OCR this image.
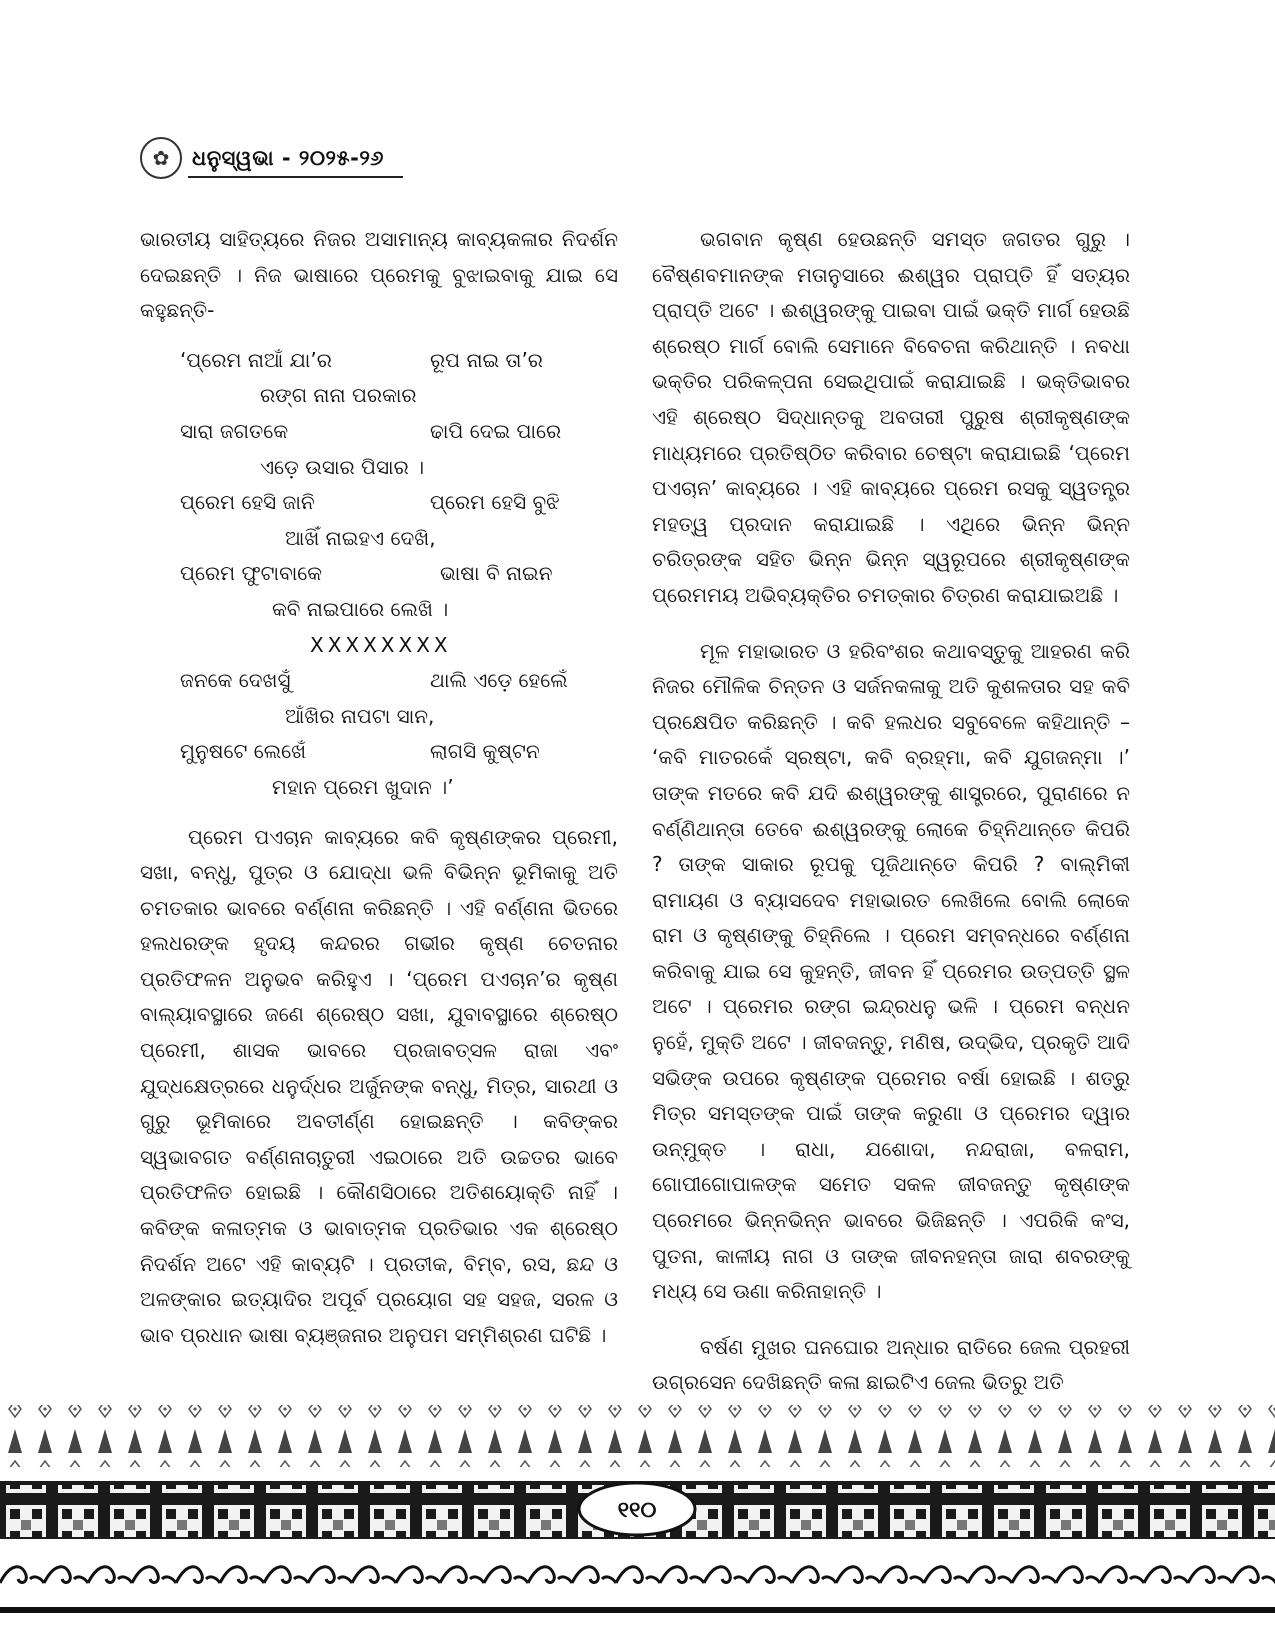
✿	ଧନୁସ୍ୱଭା - ୨୦୨୫-୨୬

ଭାରତୀୟ ସାହିତ୍ୟରେ ନିଜର ଅସାମାନ୍ୟ କାବ୍ୟକଳାର ନିଦର୍ଶନ ଦେଇଛନ୍ତି । ନିଜ ଭାଷାରେ ପ୍ରେମକୁ ବୁଝାଇବାକୁ ଯାଇ ସେ କହୁଛନ୍ତି-

‘ପ୍ରେମ ନାଆଁ ଯା’ର	ରୂପ ନାଇ ତା’ର
ରଙ୍ଗ ନାନା ପରକାର
ସାରା ଜଗତକେ	ଢାପି ଦେଇ ପାରେ
ଏଡ଼େ ଉସାର ପିସାର ।
ପ୍ରେମ ହେସି ଜାନି	ପ୍ରେମ ହେସି ବୁଝି
ଆଖିଁ ନାଇହଏ ଦେଖି,
ପ୍ରେମ ଫୁଟାବାକେ	ଭାଷା ବି ନାଇନ
କବି ନାଇପାରେ ଲେଖି ।
XXXXXXXX
ଜନକେ ଦେଖସୁଁ	ଥାଲି ଏଡ଼େ ହେଲେଁ
ଆଁଖିର ନାପଟା ସାନ,
ମୁନୁଷଟେ ଲେଖେଁ	ଲାଗସି କୁଷ୍ଟନ
ମହାନ ପ୍ରେମ ଖୁଦାନ ।’

ପ୍ରେମ ପଏଚାନ କାବ୍ୟରେ କବି କୃଷ୍ଣଙ୍କର ପ୍ରେମୀ, ସଖା, ବନ୍ଧୁ, ପୁତ୍ର ଓ ଯୋଦ୍ଧା ଭଳି ବିଭିନ୍ନ ଭୂମିକାକୁ ଅତି ଚମତକାର ଭାବରେ ବର୍ଣ୍ଣନା କରିଛନ୍ତି । ଏହି ବର୍ଣ୍ଣନା ଭିତରେ ହଲଧରଙ୍କ ହୃଦୟ କନ୍ଦରର ଗଭୀର କୃଷ୍ଣ ଚେତନାର ପ୍ରତିଫଳନ ଅନୁଭବ କରିହୁଏ । ‘ପ୍ରେମ ପଏଚାନ’ର କୃଷ୍ଣ ବାଲ୍ୟାବସ୍ଥାରେ ଜଣେ ଶ୍ରେଷ୍ଠ ସଖା, ଯୁବାବସ୍ଥାରେ ଶ୍ରେଷ୍ଠ ପ୍ରେମୀ, ଶାସକ ଭାବରେ ପ୍ରଜାବତ୍ସଳ ରାଜା ଏବଂ ଯୁଦ୍ଧକ୍ଷେତ୍ରରେ ଧନୁର୍ଦ୍ଧର ଅର୍ଜୁନଙ୍କ ବନ୍ଧୁ, ମିତ୍ର, ସାରଥୀ ଓ ଗୁରୁ ଭୂମିକାରେ ଅବତୀର୍ଣ୍ଣ ହୋଇଛନ୍ତି । କବିଙ୍କର ସ୍ୱଭାବଗତ ବର୍ଣ୍ଣନାଚାତୁରୀ ଏଇଠାରେ ଅତି ଉଚ୍ଚତର ଭାବେ ପ୍ରତିଫଳିତ ହୋଇଛି । କୌଣସିଠାରେ ଅତିଶୟୋକ୍ତି ନାହିଁ । କବିଙ୍କ କଳାତ୍ମକ ଓ ଭାବାତ୍ମକ ପ୍ରତିଭାର ଏକ ଶ୍ରେଷ୍ଠ ନିଦର୍ଶନ ଅଟେ ଏହି କାବ୍ୟଟି । ପ୍ରତୀକ, ବିମ୍ବ, ରସ, ଛନ୍ଦ ଓ ଅଳଙ୍କାର ଇତ୍ୟାଦିର ଅପୂର୍ବ ପ୍ରୟୋଗ ସହ ସହଜ, ସରଳ ଓ ଭାବ ପ୍ରଧାନ ଭାଷା ବ୍ୟଞ୍ଜନାର ଅନୁପମ ସମ୍ମିଶ୍ରଣ ଘଟିଛି ।

ଭଗବାନ କୃଷ୍ଣ ହେଉଛନ୍ତି ସମସ୍ତ ଜଗତର ଗୁରୁ । ବୈଷ୍ଣବମାନଙ୍କ ମତାନୁସାରେ ଈଶ୍ୱର ପ୍ରାପ୍ତି ହିଁ ସତ୍ୟର ପ୍ରାପ୍ତି ଅଟେ । ଈଶ୍ୱରଙ୍କୁ ପାଇବା ପାଇଁ ଭକ୍ତି ମାର୍ଗ ହେଉଛି ଶ୍ରେଷ୍ଠ ମାର୍ଗ ବୋଲି ସେମାନେ ବିବେଚନା କରିଥାନ୍ତି । ନବଧା ଭକ୍ତିର ପରିକଳ୍ପନା ସେଇଥିପାଇଁ କରାଯାଇଛି । ଭକ୍ତିଭାବର ଏହି ଶ୍ରେଷ୍ଠ ସିଦ୍ଧାନ୍ତକୁ ଅବତାରୀ ପୁରୁଷ ଶ୍ରୀକୃଷ୍ଣଙ୍କ ମାଧ୍ୟମରେ ପ୍ରତିଷ୍ଠିତ କରିବାର ଚେଷ୍ଟା କରାଯାଇଛି ‘ପ୍ରେମ ପଏଚାନ’ କାବ୍ୟରେ । ଏହି କାବ୍ୟରେ ପ୍ରେମ ରସକୁ ସ୍ୱତନ୍ତ୍ର ମହତ୍ୱ ପ୍ରଦାନ କରାଯାଇଛି । ଏଥିରେ ଭିନ୍ନ ଭିନ୍ନ ଚରିତ୍ରଙ୍କ ସହିତ ଭିନ୍ନ ଭିନ୍ନ ସ୍ୱରୂପରେ ଶ୍ରୀକୃଷ୍ଣଙ୍କ ପ୍ରେମମୟ ଅଭିବ୍ୟକ୍ତିର ଚମତ୍କାର ଚିତ୍ରଣ କରାଯାଇଅଛି ।

ମୂଳ ମହାଭାରତ ଓ ହରିବଂଶର କଥାବସ୍ତୁକୁ ଆହରଣ କରି ନିଜର ମୌଳିକ ଚିନ୍ତନ ଓ ସର୍ଜନକଳାକୁ ଅତି କୁଶଳତାର ସହ କବି ପ୍ରକ୍ଷେପିତ କରିଛନ୍ତି । କବି ହଲଧର ସବୁବେଳେ କହିଥାନ୍ତି – ‘କବି ମାତରକେଁ ସ୍ରଷ୍ଟା, କବି ବ୍ରହ୍ମା, କବି ଯୁଗଜନ୍ମା ।’ ତାଙ୍କ ମତରେ କବି ଯଦି ଈଶ୍ୱରଙ୍କୁ ଶାସ୍ତ୍ରରେ, ପୁରାଣରେ ନ ବର୍ଣ୍ଣିଥାନ୍ତା ତେବେ ଈଶ୍ୱରଙ୍କୁ ଲୋକେ ଚିହ୍ନିଥାନ୍ତେ କିପରି ? ତାଙ୍କ ସାକାର ରୂପକୁ ପୂଜିଥାନ୍ତେ କିପରି ? ବାଲ୍ମିକୀ ରାମାୟଣ ଓ ବ୍ୟାସଦେବ ମହାଭାରତ ଲେଖିଲେ ବୋଲି ଲୋକେ ରାମ ଓ କୃଷ୍ଣଙ୍କୁ ଚିହ୍ନିଲେ । ପ୍ରେମ ସମ୍ବନ୍ଧରେ ବର୍ଣ୍ଣନା କରିବାକୁ ଯାଇ ସେ କୁହନ୍ତି, ଜୀବନ ହିଁ ପ୍ରେମର ଉତ୍ପତ୍ତି ସ୍ଥଳ ଅଟେ । ପ୍ରେମର ରଙ୍ଗ ଇନ୍ଦ୍ରଧନୁ ଭଳି । ପ୍ରେମ ବନ୍ଧନ ନୁହେଁ, ମୁକ୍ତି ଅଟେ । ଜୀବଜନ୍ତୁ, ମଣିଷ, ଉଦ୍ଭିଦ, ପ୍ରକୃତି ଆଦି ସଭିଙ୍କ ଉପରେ କୃଷ୍ଣଙ୍କ ପ୍ରେମର ବର୍ଷା ହୋଇଛି । ଶତ୍ରୁ ମିତ୍ର ସମସ୍ତଙ୍କ ପାଇଁ ତାଙ୍କ କରୁଣା ଓ ପ୍ରେମର ଦ୍ୱାର ଉନ୍ମୁକ୍ତ । ରାଧା, ଯଶୋଦା, ନନ୍ଦରାଜା, ବଳରାମ, ଗୋପୀଗୋପାଳଙ୍କ ସମେତ ସକଳ ଜୀବଜନ୍ତୁ କୃଷ୍ଣଙ୍କ ପ୍ରେମରେ ଭିନ୍ନଭିନ୍ନ ଭାବରେ ଭିଜିଛନ୍ତି । ଏପରିକି କଂସ, ପୁତନା, କାଳୀୟ ନାଗ ଓ ତାଙ୍କ ଜୀବନହନ୍ତା ଜାରା ଶବରଙ୍କୁ ମଧ୍ୟ ସେ ଊଣା କରିନାହାନ୍ତି ।

ବର୍ଷଣ ମୁଖର ଘନଘୋର ଅନ୍ଧାର ରାତିରେ ଜେଲ ପ୍ରହରୀ ଉଗ୍ରସେନ ଦେଖିଛନ୍ତି କଳା ଛାଇଟିଏ ଜେଲ ଭିତରୁ ଅତି

୧୧୦
